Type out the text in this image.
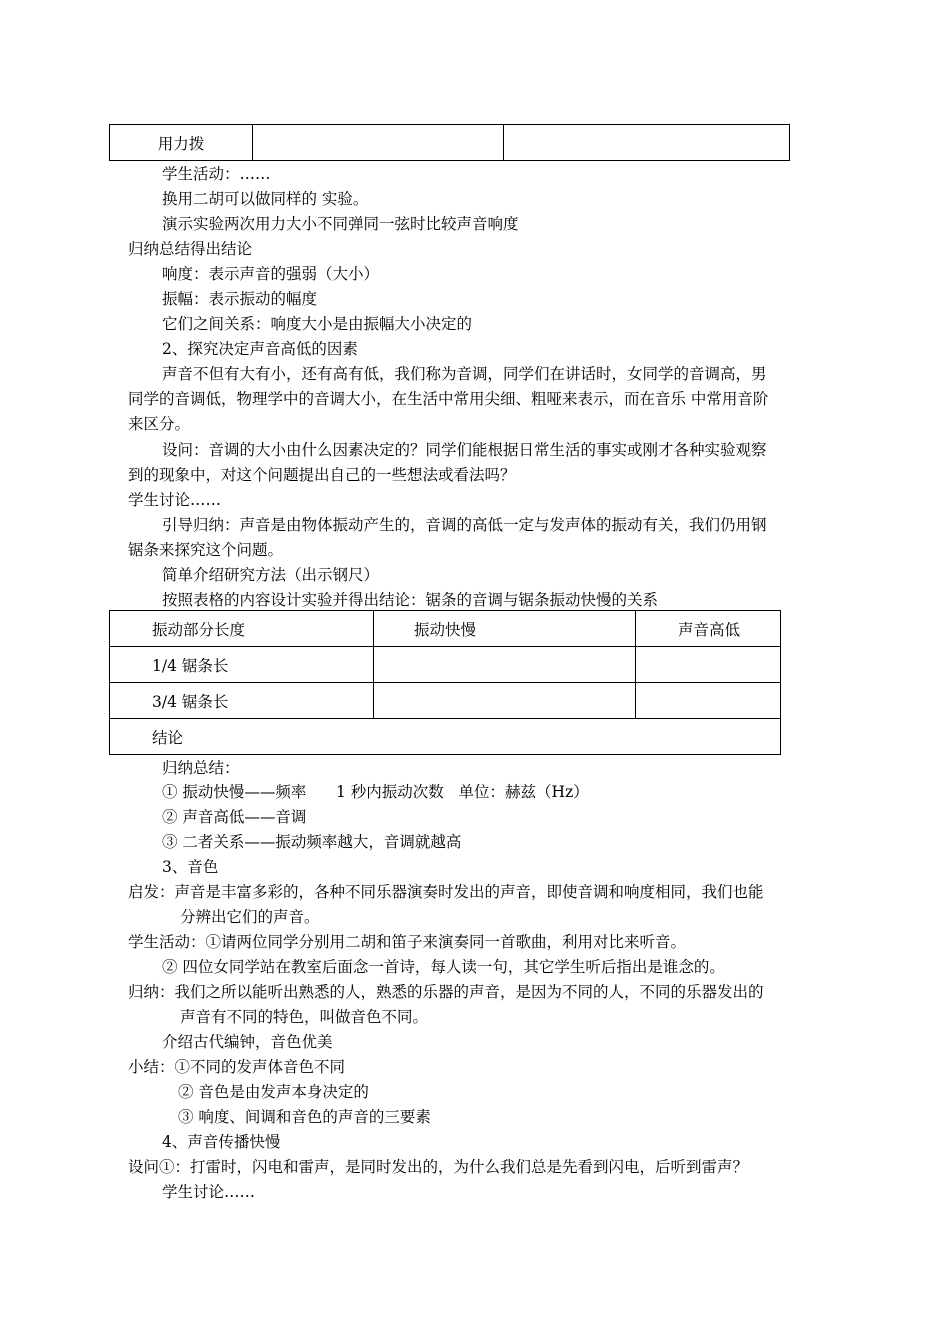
用力拨		
学生活动：……
换用二胡可以做同样的 实验。
演示实验两次用力大小不同弹同一弦时比较声音响度
归纳总结得出结论
响度：表示声音的强弱（大小）
振幅：表示振动的幅度
它们之间关系：响度大小是由振幅大小决定的
2、探究决定声音高低的因素
声音不但有大有小，还有高有低，我们称为音调，同学们在讲话时，女同学的音调高，男
同学的音调低，物理学中的音调大小，在生活中常用尖细、粗哑来表示，而在音乐 中常用音阶
来区分。
设问：音调的大小由什么因素决定的？同学们能根据日常生活的事实或刚才各种实验观察
到的现象中，对这个问题提出自己的一些想法或看法吗？
学生讨论……
引导归纳：声音是由物体振动产生的，音调的高低一定与发声体的振动有关，我们仍用钢
锯条来探究这个问题。
简单介绍研究方法（出示钢尺）
按照表格的内容设计实验并得出结论：锯条的音调与锯条振动快慢的关系
振动部分长度	振动快慢	声音高低
1/4 锯条长		
3/4 锯条长		
结论		
归纳总结：
① 振动快慢——频率      1 秒内振动次数   单位：赫兹（Hz）
② 声音高低——音调
③ 二者关系——振动频率越大，音调就越高
3、音色
启发：声音是丰富多彩的，各种不同乐器演奏时发出的声音，即使音调和响度相同，我们也能
分辨出它们的声音。
学生活动：①请两位同学分别用二胡和笛子来演奏同一首歌曲，利用对比来听音。
② 四位女同学站在教室后面念一首诗，每人读一句，其它学生听后指出是谁念的。
归纳：我们之所以能听出熟悉的人，熟悉的乐器的声音，是因为不同的人，不同的乐器发出的
声音有不同的特色，叫做音色不同。
介绍古代编钟，音色优美
小结：①不同的发声体音色不同
② 音色是由发声本身决定的
③ 响度、间调和音色的声音的三要素
4、声音传播快慢
设问①：打雷时，闪电和雷声，是同时发出的，为什么我们总是先看到闪电，后听到雷声？
学生讨论……
